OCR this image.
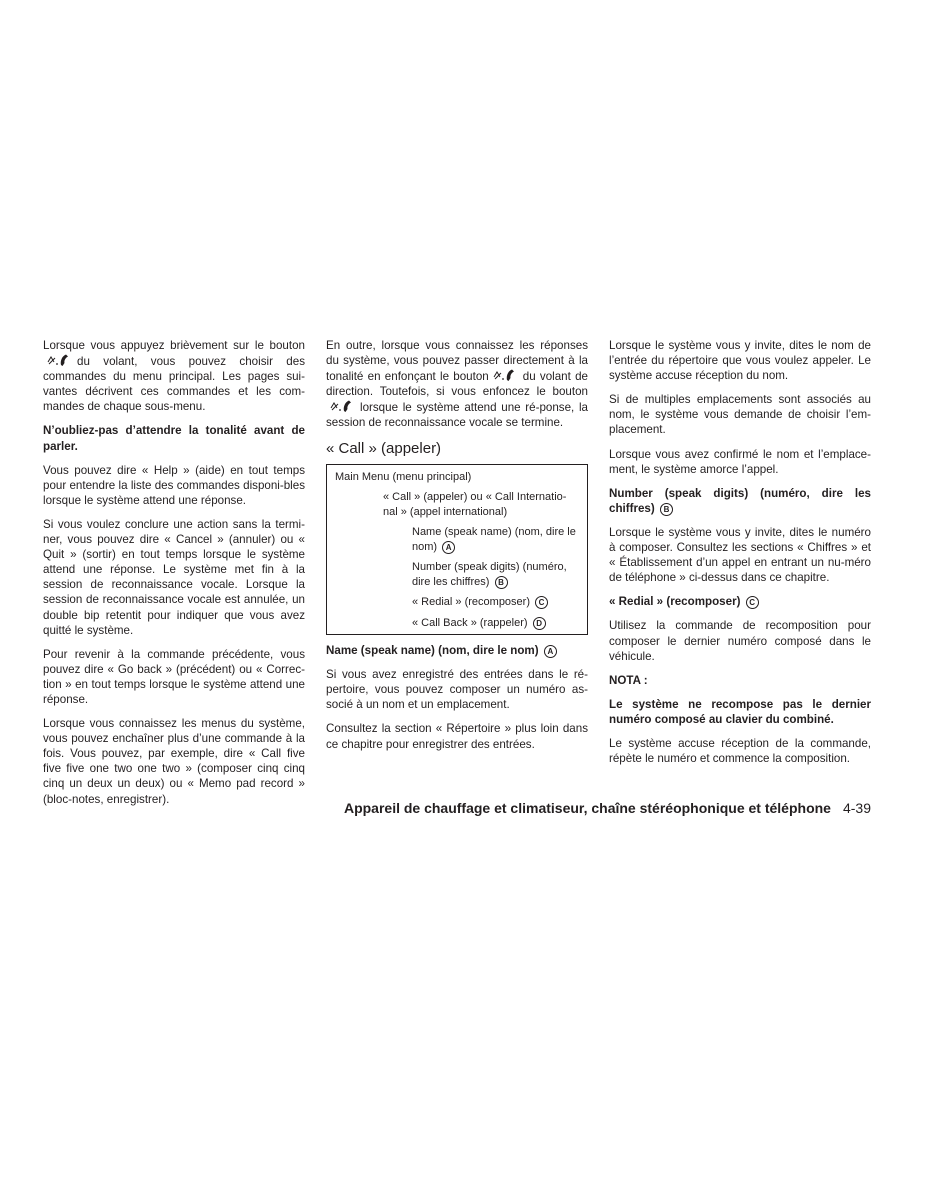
Lorsque vous appuyez brièvement sur le boutondu volant, vous pouvez choisir des commandes du menu principal. Les pages sui-vantes décrivent ces commandes et les com-mandes de chaque sous-menu.

N’oubliez-pas d’attendre la tonalité avant de parler.

Vous pouvez dire « Help » (aide) en tout temps pour entendre la liste des commandes disponi-bles lorsque le système attend une réponse.

Si vous voulez conclure une action sans la termi-ner, vous pouvez dire « Cancel » (annuler) ou « Quit » (sortir) en tout temps lorsque le système attend une réponse. Le système met fin à la session de reconnaissance vocale. Lorsque la session de reconnaissance vocale est annulée, un double bip retentit pour indiquer que vous avez quitté le système.

Pour revenir à la commande précédente, vous pouvez dire « Go back » (précédent) ou « Correc-tion » en tout temps lorsque le système attend une réponse.

Lorsque vous connaissez les menus du système, vous pouvez enchaîner plus d’une commande à la fois. Vous pouvez, par exemple, dire « Call five five five one two one two » (composer cinq cinq cinq un deux un deux) ou « Memo pad record » (bloc-notes, enregistrer).

En outre, lorsque vous connaissez les réponses du système, vous pouvez passer directement à la tonalité en enfonçant le bouton	du volant de direction. Toutefois, si vous enfoncez le boutonlorsque le système attend une ré-ponse, la session de reconnaissance vocale se termine.

« Call » (appeler)
Main Menu (menu principal)
« Call » (appeler) ou « Call Internatio-nal » (appel international)
Name (speak name) (nom, dire le nom) A
Number (speak digits) (numéro, dire les chiffres) B
« Redial » (recomposer) C
« Call Back » (rappeler) D

Name (speak name) (nom, dire le nom) A

Si vous avez enregistré des entrées dans le ré-pertoire, vous pouvez composer un numéro as-socié à un nom et un emplacement.

Consultez la section « Répertoire » plus loin dans ce chapitre pour enregistrer des entrées.

Lorsque le système vous y invite, dites le nom de l’entrée du répertoire que vous voulez appeler. Le système accuse réception du nom.

Si de multiples emplacements sont associés au nom, le système vous demande de choisir l’em-placement.

Lorsque vous avez confirmé le nom et l’emplace-ment, le système amorce l’appel.

Number (speak digits) (numéro, dire les chiffres) B

Lorsque le système vous y invite, dites le numéro à composer. Consultez les sections « Chiffres » et « Établissement d’un appel en entrant un nu-méro de téléphone » ci-dessus dans ce chapitre.

« Redial » (recomposer) C

Utilisez la commande de recomposition pour composer le dernier numéro composé dans le véhicule.

NOTA :

Le système ne recompose pas le dernier numéro composé au clavier du combiné.

Le système accuse réception de la commande, répète le numéro et commence la composition.

Appareil de chauffage et climatiseur, chaîne stéréophonique et téléphone 4-39
